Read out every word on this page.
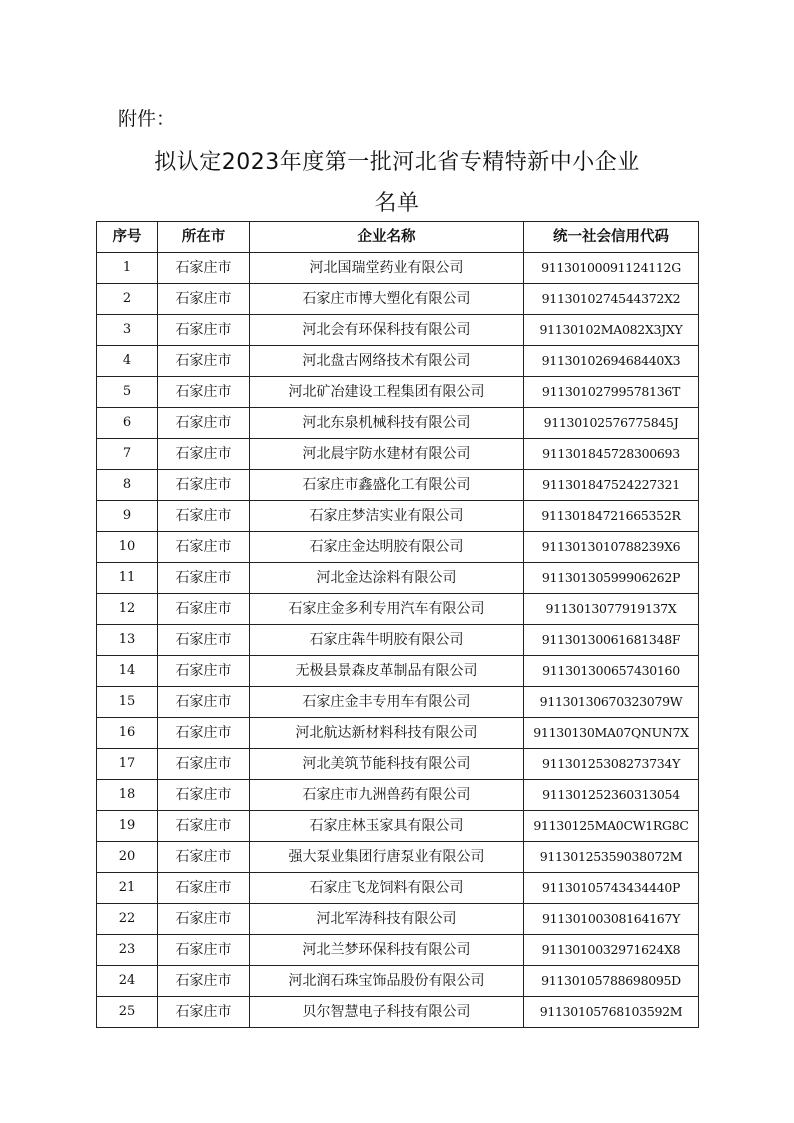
附件：

拟认定2023年度第一批河北省专精特新中小企业
名单
序号	所在市	企业名称	统一社会信用代码
1	石家庄市	河北国瑞堂药业有限公司	91130100091124112G
2	石家庄市	石家庄市博大塑化有限公司	9113010274544372X2
3	石家庄市	河北会有环保科技有限公司	91130102MA082X3JXY
4	石家庄市	河北盘古网络技术有限公司	9113010269468440X3
5	石家庄市	河北矿冶建设工程集团有限公司	91130102799578136T
6	石家庄市	河北东泉机械科技有限公司	91130102576775845J
7	石家庄市	河北晨宇防水建材有限公司	911301845728300693
8	石家庄市	石家庄市鑫盛化工有限公司	911301847524227321
9	石家庄市	石家庄梦洁实业有限公司	91130184721665352R
10	石家庄市	石家庄金达明胶有限公司	9113013010788239X6
11	石家庄市	河北金达涂料有限公司	91130130599906262P
12	石家庄市	石家庄金多利专用汽车有限公司	9113013077919137X
13	石家庄市	石家庄犇牛明胶有限公司	91130130061681348F
14	石家庄市	无极县景森皮革制品有限公司	911301300657430160
15	石家庄市	石家庄金丰专用车有限公司	91130130670323079W
16	石家庄市	河北航达新材料科技有限公司	91130130MA07QNUN7X
17	石家庄市	河北美筑节能科技有限公司	91130125308273734Y
18	石家庄市	石家庄市九洲兽药有限公司	911301252360313054
19	石家庄市	石家庄林玉家具有限公司	91130125MA0CW1RG8C
20	石家庄市	强大泵业集团行唐泵业有限公司	91130125359038072M
21	石家庄市	石家庄飞龙饲料有限公司	91130105743434440P
22	石家庄市	河北军涛科技有限公司	91130100308164167Y
23	石家庄市	河北兰梦环保科技有限公司	9113010032971624X8
24	石家庄市	河北润石珠宝饰品股份有限公司	91130105788698095D
25	石家庄市	贝尔智慧电子科技有限公司	91130105768103592M
